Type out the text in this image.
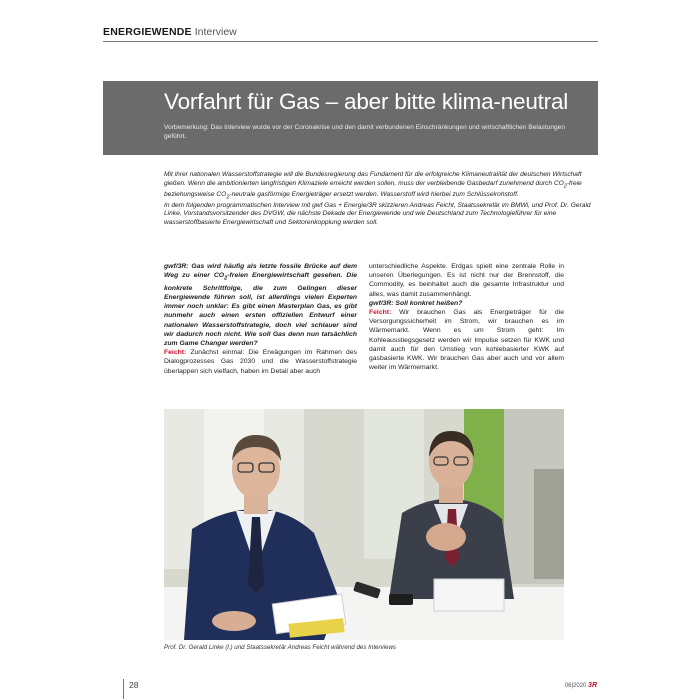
ENERGIEWENDE Interview
Vorfahrt für Gas – aber bitte klima-neutral

Vorbemerkung: Das Interview wurde vor der Coronakrise und den damit verbundenen Einschränkungen und wirtschaftlichen Belastungen geführt.

Mit ihrer nationalen Wasserstoffstrategie will die Bundesregierung das Fundament für die erfolgreiche Klimaneutralität der deutschen Wirtschaft gießen. Wenn die ambitionierten langfristigen Klimaziele erreicht werden sollen, muss der verbleibende Gasbedarf zunehmend durch $CO_2$-freie beziehungsweise $CO_2$-neutrale gasförmige Energieträger ersetzt werden. Wasserstoff wird hierbei zum Schlüsselrohstoff.

In dem folgenden programmatischen Interview mit gwf Gas + Energie/3R skizzieren Andreas Feicht, Staatssekretär im BMWi, und Prof. Dr. Gerald Linke, Vorstandsvorsitzender des DVGW, die nächste Dekade der Energiewende und wie Deutschland zum Technologieführer für eine wasserstoffbasierte Energiewirtschaft und Sektorenkopplung werden soll.

gwf/3R: Gas wird häufig als letzte fossile Brücke auf dem Weg zu einer $CO_2$-freien Energiewirtschaft gesehen. Die konkrete Schrittfolge, die zum Gelingen dieser Energiewende führen soll, ist allerdings vielen Experten immer noch unklar: Es gibt einen Masterplan Gas, es gibt nunmehr auch einen ersten offiziellen Entwurf einer nationalen Wasserstoffstrategie, doch viel schlauer sind wir dadurch noch nicht. Wie soll Gas denn nun tatsächlich zum Game Changer werden?

Feicht: Zunächst einmal: Die Erwägungen im Rahmen des Dialogprozesses Gas 2030 und die Wasserstoffstrategie überlappen sich vielfach, haben im Detail aber auch

unterschiedliche Aspekte. Erdgas spielt eine zentrale Rolle in unseren Überlegungen. Es ist nicht nur der Brennstoff, die Commodity, es beinhaltet auch die gesamte Infrastruktur und alles, was damit zusammenhängt.

gwf/3R: Soll konkret heißen?

Feicht: Wir brauchen Gas als Energieträger für die Versorgungssicherheit im Strom, wir brauchen es im Wärmemarkt. Wenn es um Strom geht: Im Kohleausstiegsgesetz werden wir Impulse setzen für KWK und damit auch für den Umstieg von kohlebasierter KWK auf gasbasierte KWK. Wir brauchen Gas aber auch und vor allem weiter im Wärmemarkt.

Prof. Dr. Gerald Linke (l.) und Staatssekretär Andreas Feicht während des Interviews
28	06|2020 3R
